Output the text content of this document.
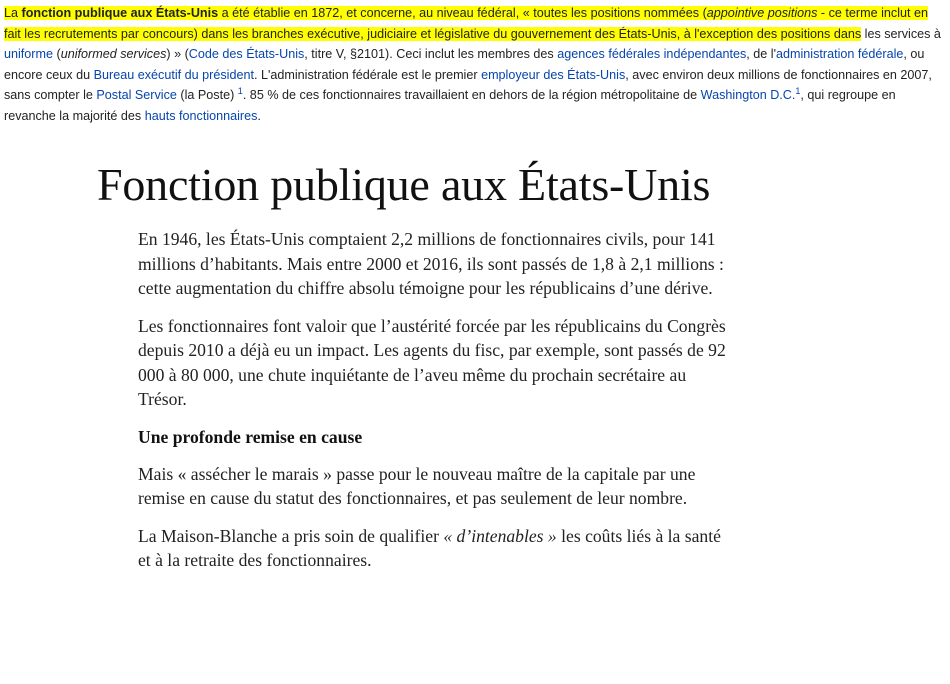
La fonction publique aux États-Unis a été établie en 1872, et concerne, au niveau fédéral, « toutes les positions nommées (appointive positions - ce terme inclut en fait les recrutements par concours) dans les branches exécutive, judiciaire et législative du gouvernement des États-Unis, à l'exception des positions dans les services à uniforme (uniformed services) » (Code des États-Unis, titre V, §2101). Ceci inclut les membres des agences fédérales indépendantes, de l'administration fédérale, ou encore ceux du Bureau exécutif du président. L'administration fédérale est le premier employeur des États-Unis, avec environ deux millions de fonctionnaires en 2007, sans compter le Postal Service (la Poste) $^1$. 85 % de ces fonctionnaires travaillaient en dehors de la région métropolitaine de Washington D.C.$^1$, qui regroupe en revanche la majorité des hauts fonctionnaires.

Fonction publique aux États-Unis

En 1946, les États-Unis comptaient 2,2 millions de fonctionnaires civils, pour 141 millions d’habitants. Mais entre 2000 et 2016, ils sont passés de 1,8 à 2,1 millions : cette augmentation du chiffre absolu témoigne pour les républicains d’une dérive.

Les fonctionnaires font valoir que l’austérité forcée par les républicains du Congrès depuis 2010 a déjà eu un impact. Les agents du fisc, par exemple, sont passés de 92 000 à 80 000, une chute inquiétante de l’aveu même du prochain secrétaire au Trésor.

Une profonde remise en cause

Mais « assécher le marais » passe pour le nouveau maître de la capitale par une remise en cause du statut des fonctionnaires, et pas seulement de leur nombre.

La Maison-Blanche a pris soin de qualifier « d’intenables » les coûts liés à la santé et à la retraite des fonctionnaires.
